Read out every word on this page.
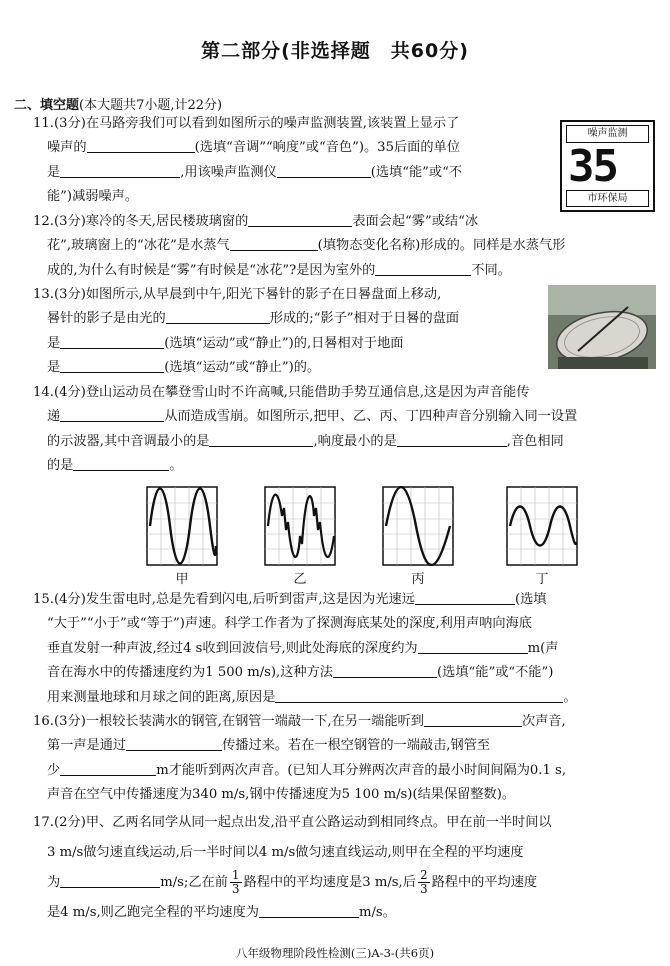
第二部分(非选择题　共60分)
二、填空题(本大题共7小题,计22分)

11.(3分)在马路旁我们可以看到如图所示的噪声监测装置,该装置上显示了

噪声的	(选填“音调”“响度”或“音色”)。35后面的单位

是	,用该噪声监测仪	(选填“能”或“不

能”)减弱噪声。

噪声监测
35
市环保局

12.(3分)寒冷的冬天,居民楼玻璃窗的	表面会起“雾”或结“冰

花”,玻璃窗上的“冰花”是水蒸气	(填物态变化名称)形成的。同样是水蒸气形

成的,为什么有时候是“雾”有时候是“冰花”?是因为室外的	不同。

13.(3分)如图所示,从早晨到中午,阳光下晷针的影子在日晷盘面上移动,

晷针的影子是由光的	形成的;“影子”相对于日晷的盘面

是	(选填“运动”或“静止”)的,日晷相对于地面

是	(选填“运动”或“静止”)的。

14.(4分)登山运动员在攀登雪山时不许高喊,只能借助手势互通信息,这是因为声音能传

递	从而造成雪崩。如图所示,把甲、乙、丙、丁四种声音分别输入同一设置

的示波器,其中音调最小的是	,响度最小的是	,音色相同

的是	。

甲	乙	丙	丁

15.(4分)发生雷电时,总是先看到闪电,后听到雷声,这是因为光速远	(选填

“大于”“小于”或“等于”)声速。科学工作者为了探测海底某处的深度,利用声呐向海底

垂直发射一种声波,经过4 s收到回波信号,则此处海底的深度约为	m(声

音在海水中的传播速度约为1 500 m/s),这种方法	(选填“能”或“不能”)

用来测量地球和月球之间的距离,原因是	。

16.(3分)一根较长装满水的钢管,在钢管一端敲一下,在另一端能听到	次声音,

第一声是通过	传播过来。若在一根空钢管的一端敲击,钢管至

少	m才能听到两次声音。(已知人耳分辨两次声音的最小时间间隔为0.1 s,

声音在空气中传播速度为340 m/s,钢中传播速度为5 100 m/s)(结果保留整数)。

17.(2分)甲、乙两名同学从同一起点出发,沿平直公路运动到相同终点。甲在前一半时间以

3 m/s做匀速直线运动,后一半时间以4 m/s做匀速直线运动,则甲在全程的平均速度

为	m/s;乙在前 $\frac{1}{3}$ 路程中的平均速度是3 m/s,后 $\frac{2}{3}$ 路程中的平均速度

是4 m/s,则乙跑完全程的平均速度为	m/s。

八年级物理阶段性检测(三)A-3-(共6页)
